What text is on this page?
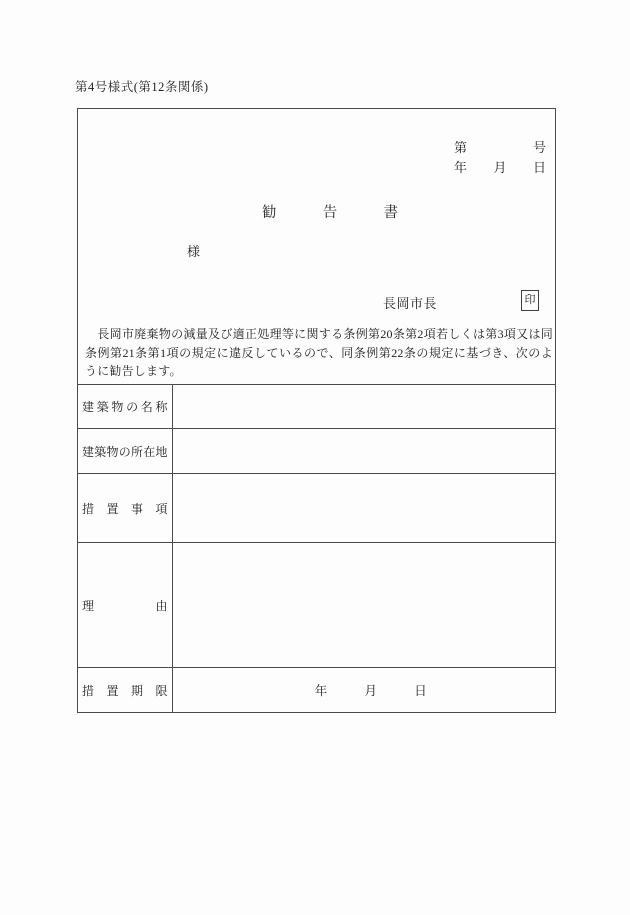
第4号様式(第12条関係)
第　号
年　月　日
勧告書
様
長岡市長	印

　長岡市廃棄物の減量及び適正処理等に関する条例第20条第2項若しくは第3項又は同条例第21条第1項の規定に違反しているので、同条例第22条の規定に基づき、次のように勧告します。

建築物の名称	

建築物の所在地	

措置事項	

理由	

措置期限	年　月　日
